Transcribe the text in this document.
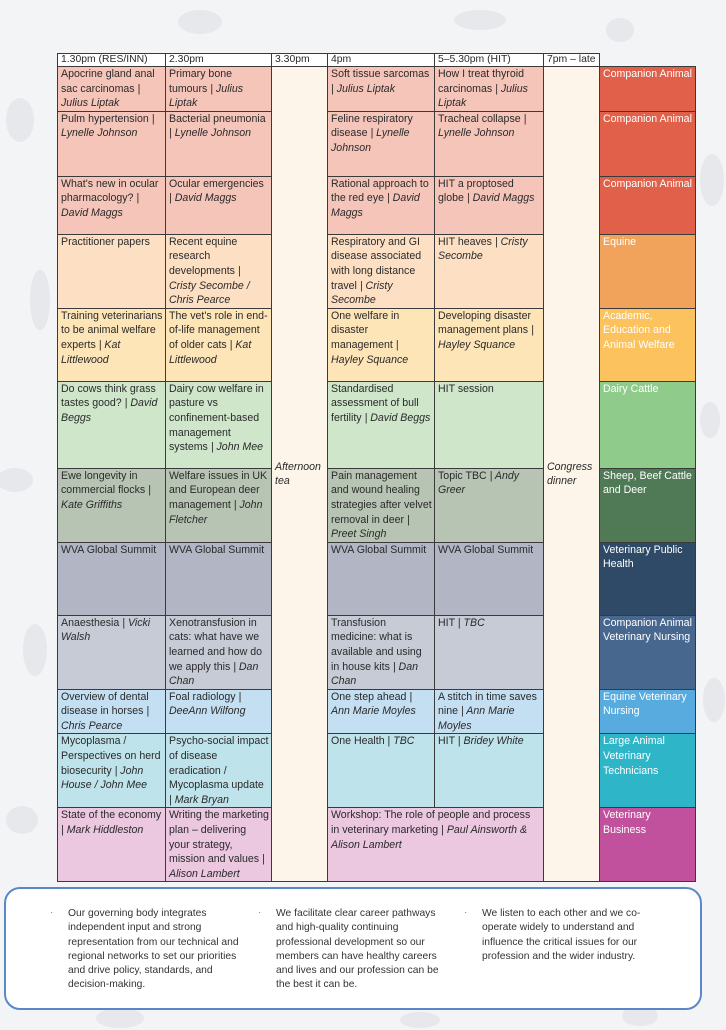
1.30pm (RES/INN)	2.30pm	3.30pm	4pm	5–5.30pm (HIT)	7pm – late	
Apocrine gland anal sac carcinomas | Julius Liptak	Primary bone tumours | Julius Liptak	Afternoon tea	Soft tissue sarcomas | Julius Liptak	How I treat thyroid carcinomas | Julius Liptak	Congress dinner	Companion Animal
Pulm hypertension | Lynelle Johnson	Bacterial pneumonia | Lynelle Johnson		Feline respiratory disease | Lynelle Johnson	Tracheal collapse | Lynelle Johnson		Companion Animal
What's new in ocular pharmacology? | David Maggs	Ocular emergencies | David Maggs		Rational approach to the red eye | David Maggs	HIT a proptosed globe | David Maggs		Companion Animal
Practitioner papers	Recent equine research developments | Cristy Secombe / Chris Pearce		Respiratory and GI disease associated with long distance travel | Cristy Secombe	HIT heaves | Cristy Secombe		Equine
Training veterinarians to be animal welfare experts | Kat Littlewood	The vet's role in end-of-life management of older cats | Kat Littlewood		One welfare in disaster management | Hayley Squance	Developing disaster management plans | Hayley Squance		Academic, Education and Animal Welfare
Do cows think grass tastes good? | David Beggs	Dairy cow welfare in pasture vs confinement-based management systems | John Mee		Standardised assessment of bull fertility | David Beggs	HIT session		Dairy Cattle
Ewe longevity in commercial flocks | Kate Griffiths	Welfare issues in UK and European deer management | John Fletcher		Pain management and wound healing strategies after velvet removal in deer | Preet Singh	Topic TBC | Andy Greer		Sheep, Beef Cattle and Deer
WVA Global Summit	WVA Global Summit		WVA Global Summit	WVA Global Summit		Veterinary Public Health
Anaesthesia | Vicki Walsh	Xenotransfusion in cats: what have we learned and how do we apply this | Dan Chan		Transfusion medicine: what is available and using in house kits | Dan Chan	HIT | TBC		Companion Animal Veterinary Nursing
Overview of dental disease in horses | Chris Pearce	Foal radiology | DeeAnn Wilfong		One step ahead | Ann Marie Moyles	A stitch in time saves nine | Ann Marie Moyles		Equine Veterinary Nursing
Mycoplasma / Perspectives on herd biosecurity | John House / John Mee	Psycho-social impact of disease eradication / Mycoplasma update | Mark Bryan		One Health | TBC	HIT | Bridey White		Large Animal Veterinary Technicians
State of the economy | Mark Hiddleston	Writing the marketing plan – delivering your strategy, mission and values | Alison Lambert		Workshop: The role of people and process in veterinary marketing | Paul Ainsworth & Alison Lambert			Veterinary Business
· Our governing body integrates independent input and strong representation from our technical and regional networks to set our priorities and drive policy, standards, and decision-making.
· We facilitate clear career pathways and high-quality continuing professional development so our members can have healthy careers and lives and our profession can be the best it can be.
· We listen to each other and we co-operate widely to understand and influence the critical issues for our profession and the wider industry.
